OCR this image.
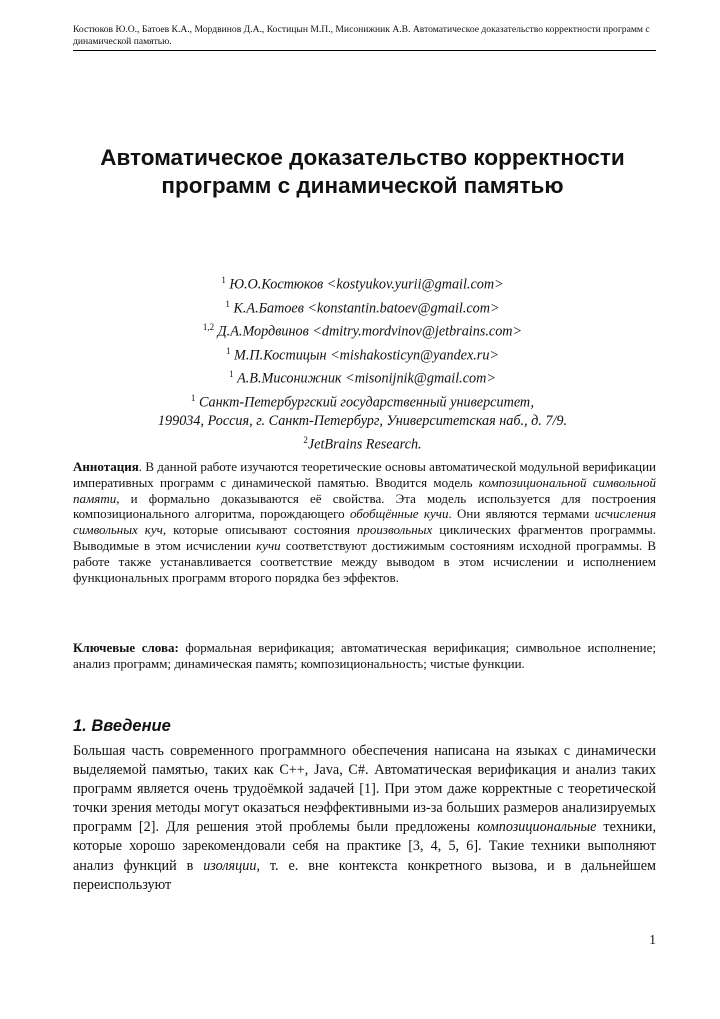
Костюков Ю.О., Батоев К.А., Мордвинов Д.А., Костицын М.П., Мисонижник А.В. Автоматическое доказательство корректности программ с динамической памятью.
Автоматическое доказательство корректности программ с динамической памятью
$^1$ Ю.О.Костюков <kostyukov.yurii@gmail.com>
$^1$ К.А.Батоев <konstantin.batoev@gmail.com>
$^{1,2}$ Д.А.Мордвинов <dmitry.mordvinov@jetbrains.com>
$^1$ М.П.Костицын <mishakosticyn@yandex.ru>
$^1$ А.В.Мисонижник <misonijnik@gmail.com>
$^1$ Санкт-Петербургский государственный университет,
199034, Россия, г. Санкт-Петербург, Университетская наб., д. 7/9.
$^2$JetBrains Research.
Аннотация. В данной работе изучаются теоретические основы автоматической модульной верификации императивных программ с динамической памятью. Вводится модель композициональной символьной памяти, и формально доказываются её свойства. Эта модель используется для построения композиционального алгоритма, порождающего обобщённые кучи. Они являются термами исчисления символьных куч, которые описывают состояния произвольных циклических фрагментов программы. Выводимые в этом исчислении кучи соответствуют достижимым состояниям исходной программы. В работе также устанавливается соответствие между выводом в этом исчислении и исполнением функциональных программ второго порядка без эффектов.
Ключевые слова: формальная верификация; автоматическая верификация; символьное исполнение; анализ программ; динамическая память; композициональность; чистые функции.
1. Введение
Большая часть современного программного обеспечения написана на языках с динамически выделяемой памятью, таких как C++, Java, C#. Автоматическая верификация и анализ таких программ является очень трудоёмкой задачей [1]. При этом даже корректные с теоретической точки зрения методы могут оказаться неэффективными из-за больших размеров анализируемых программ [2]. Для решения этой проблемы были предложены композициональные техники, которые хорошо зарекомендовали себя на практике [3, 4, 5, 6]. Такие техники выполняют анализ функций в изоляции, т. е. вне контекста конкретного вызова, и в дальнейшем переиспользуют
1
